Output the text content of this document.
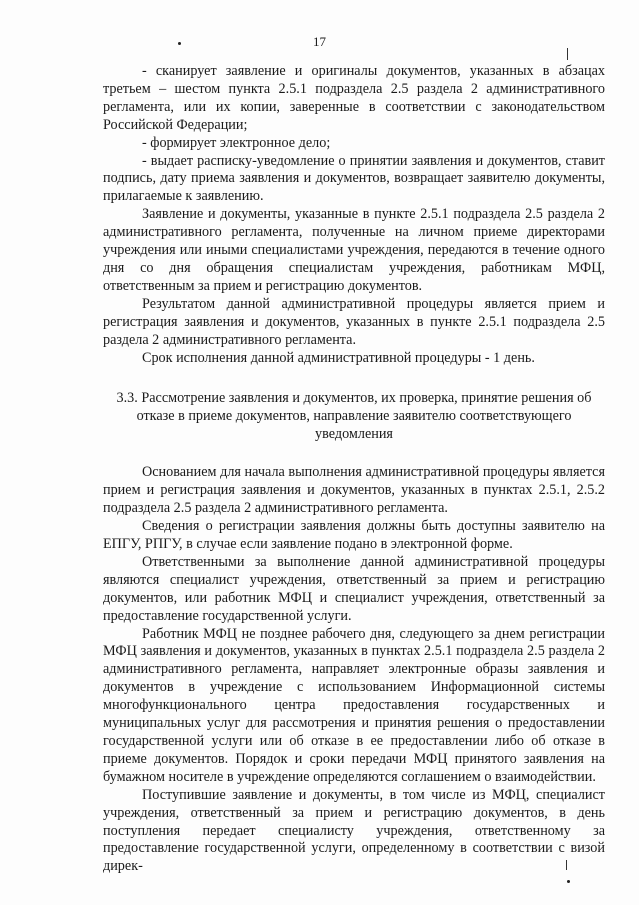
17

- сканирует заявление и оригиналы документов, указанных в абзацах третьем – шестом пункта 2.5.1 подраздела 2.5 раздела 2 административного регламента, или их копии, заверенные в соответствии с законодательством Российской Федерации;

- формирует электронное дело;

- выдает расписку-уведомление о принятии заявления и документов, ставит подпись, дату приема заявления и документов, возвращает заявителю документы, прилагаемые к заявлению.

Заявление и документы, указанные в пункте 2.5.1 подраздела 2.5 раздела 2 административного регламента, полученные на личном приеме директорами учреждения или иными специалистами учреждения, передаются в течение одного дня со дня обращения специалистам учреждения, работникам МФЦ, ответственным за прием и регистрацию документов.

Результатом данной административной процедуры является прием и регистрация заявления и документов, указанных в пункте 2.5.1 подраздела 2.5 раздела 2 административного регламента.

Срок исполнения данной административной процедуры - 1 день.

3.3. Рассмотрение заявления и документов, их проверка, принятие решения об отказе в приеме документов, направление заявителю соответствующего уведомления

Основанием для начала выполнения административной процедуры является прием и регистрация заявления и документов, указанных в пунктах 2.5.1, 2.5.2 подраздела 2.5 раздела 2 административного регламента.

Сведения о регистрации заявления должны быть доступны заявителю на ЕПГУ, РПГУ, в случае если заявление подано в электронной форме.

Ответственными за выполнение данной административной процедуры являются специалист учреждения, ответственный за прием и регистрацию документов, или работник МФЦ и специалист учреждения, ответственный за предоставление государственной услуги.

Работник МФЦ не позднее рабочего дня, следующего за днем регистрации МФЦ заявления и документов, указанных в пунктах 2.5.1 подраздела 2.5 раздела 2 административного регламента, направляет электронные образы заявления и документов в учреждение с использованием Информационной системы многофункционального центра предоставления государственных и муниципальных услуг для рассмотрения и принятия решения о предоставлении государственной услуги или об отказе в ее предоставлении либо об отказе в приеме документов. Порядок и сроки передачи МФЦ принятого заявления на бумажном носителе в учреждение определяются соглашением о взаимодействии.

Поступившие заявление и документы, в том числе из МФЦ, специалист учреждения, ответственный за прием и регистрацию документов, в день поступления передает специалисту учреждения, ответственному за предоставление государственной услуги, определенному в соответствии с визой дирек-
